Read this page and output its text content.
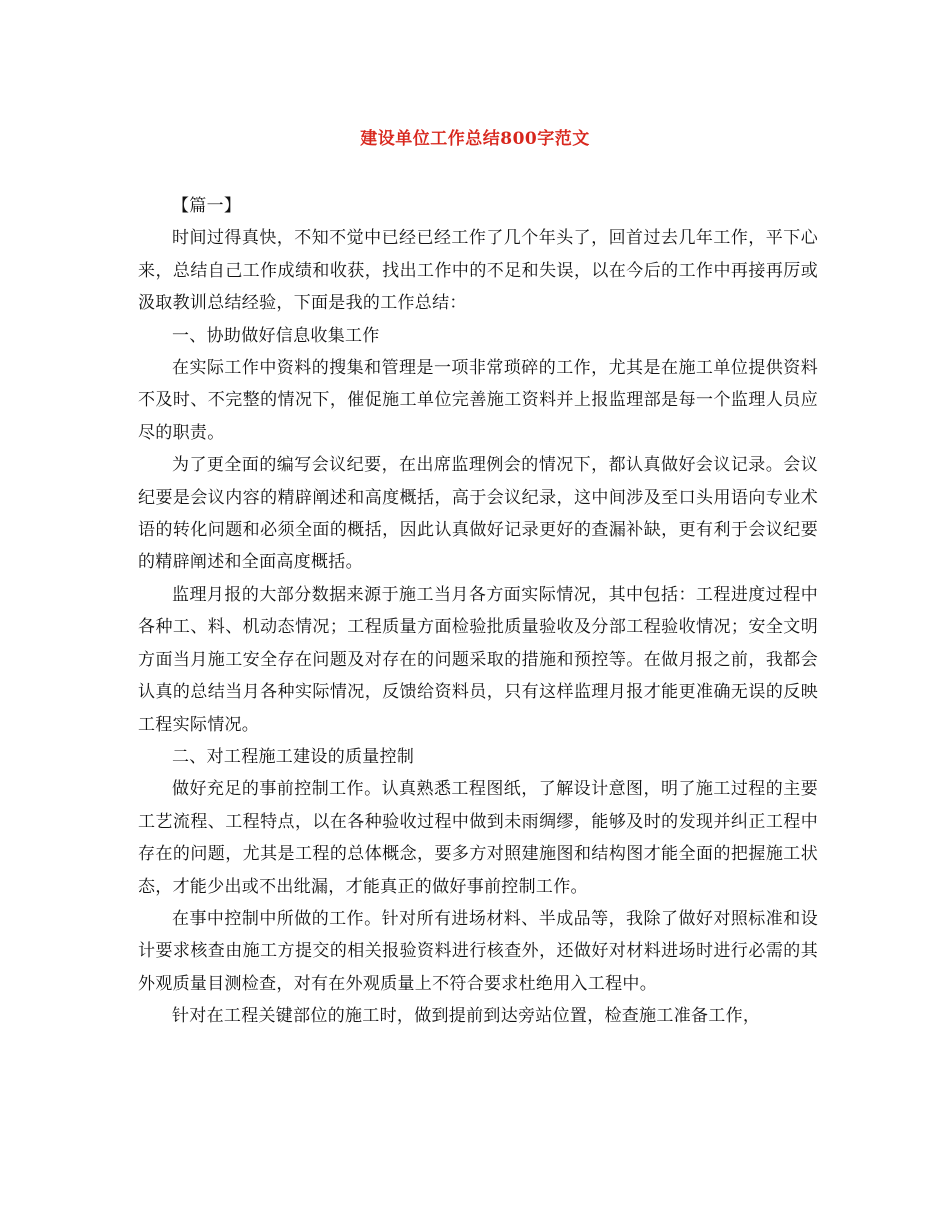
建设单位工作总结800字范文

【篇一】

时间过得真快，不知不觉中已经已经工作了几个年头了，回首过去几年工作，平下心来，总结自己工作成绩和收获，找出工作中的不足和失误，以在今后的工作中再接再厉或汲取教训总结经验，下面是我的工作总结：

一、协助做好信息收集工作

在实际工作中资料的搜集和管理是一项非常琐碎的工作，尤其是在施工单位提供资料不及时、不完整的情况下，催促施工单位完善施工资料并上报监理部是每一个监理人员应尽的职责。

为了更全面的编写会议纪要，在出席监理例会的情况下，都认真做好会议记录。会议纪要是会议内容的精辟阐述和高度概括，高于会议纪录，这中间涉及至口头用语向专业术语的转化问题和必须全面的概括，因此认真做好记录更好的查漏补缺，更有利于会议纪要的精辟阐述和全面高度概括。

监理月报的大部分数据来源于施工当月各方面实际情况，其中包括：工程进度过程中各种工、料、机动态情况；工程质量方面检验批质量验收及分部工程验收情况；安全文明方面当月施工安全存在问题及对存在的问题采取的措施和预控等。在做月报之前，我都会认真的总结当月各种实际情况，反馈给资料员，只有这样监理月报才能更准确无误的反映工程实际情况。

二、对工程施工建设的质量控制

做好充足的事前控制工作。认真熟悉工程图纸，了解设计意图，明了施工过程的主要工艺流程、工程特点，以在各种验收过程中做到未雨绸缪，能够及时的发现并纠正工程中存在的问题，尤其是工程的总体概念，要多方对照建施图和结构图才能全面的把握施工状态，才能少出或不出纰漏，才能真正的做好事前控制工作。

在事中控制中所做的工作。针对所有进场材料、半成品等，我除了做好对照标准和设计要求核查由施工方提交的相关报验资料进行核查外，还做好对材料进场时进行必需的其外观质量目测检查，对有在外观质量上不符合要求杜绝用入工程中。

针对在工程关键部位的施工时，做到提前到达旁站位置，检查施工准备工作，
